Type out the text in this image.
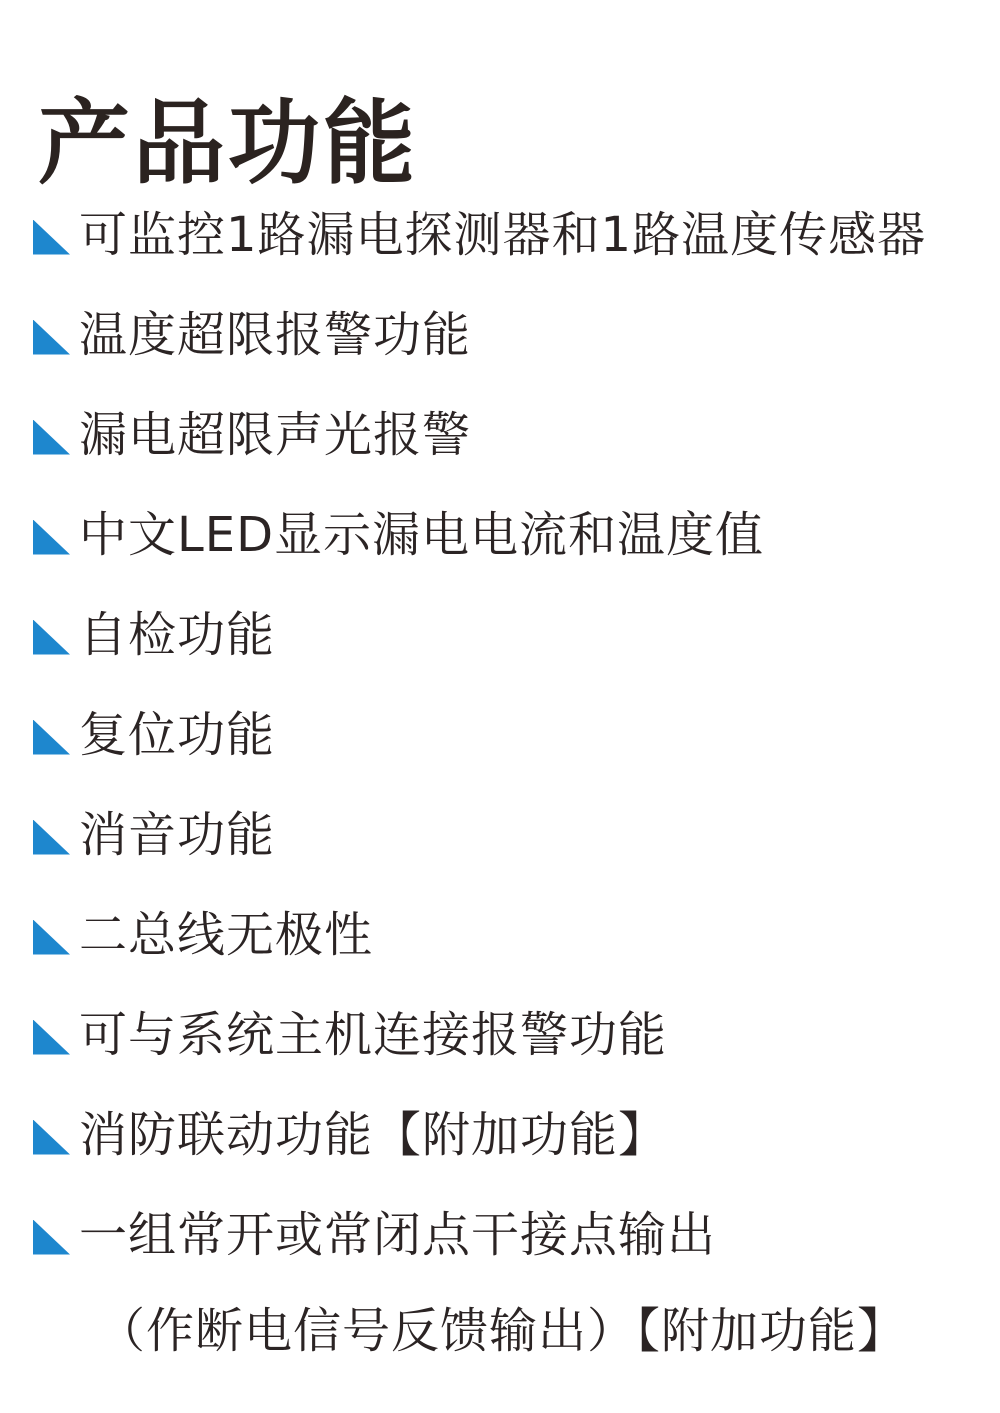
产品功能
可监控1路漏电探测器和1路温度传感器
温度超限报警功能
漏电超限声光报警
中文LED显示漏电电流和温度值
自检功能
复位功能
消音功能
二总线无极性
可与系统主机连接报警功能
消防联动功能【附加功能】
一组常开或常闭点干接点输出
（作断电信号反馈输出）【附加功能】
